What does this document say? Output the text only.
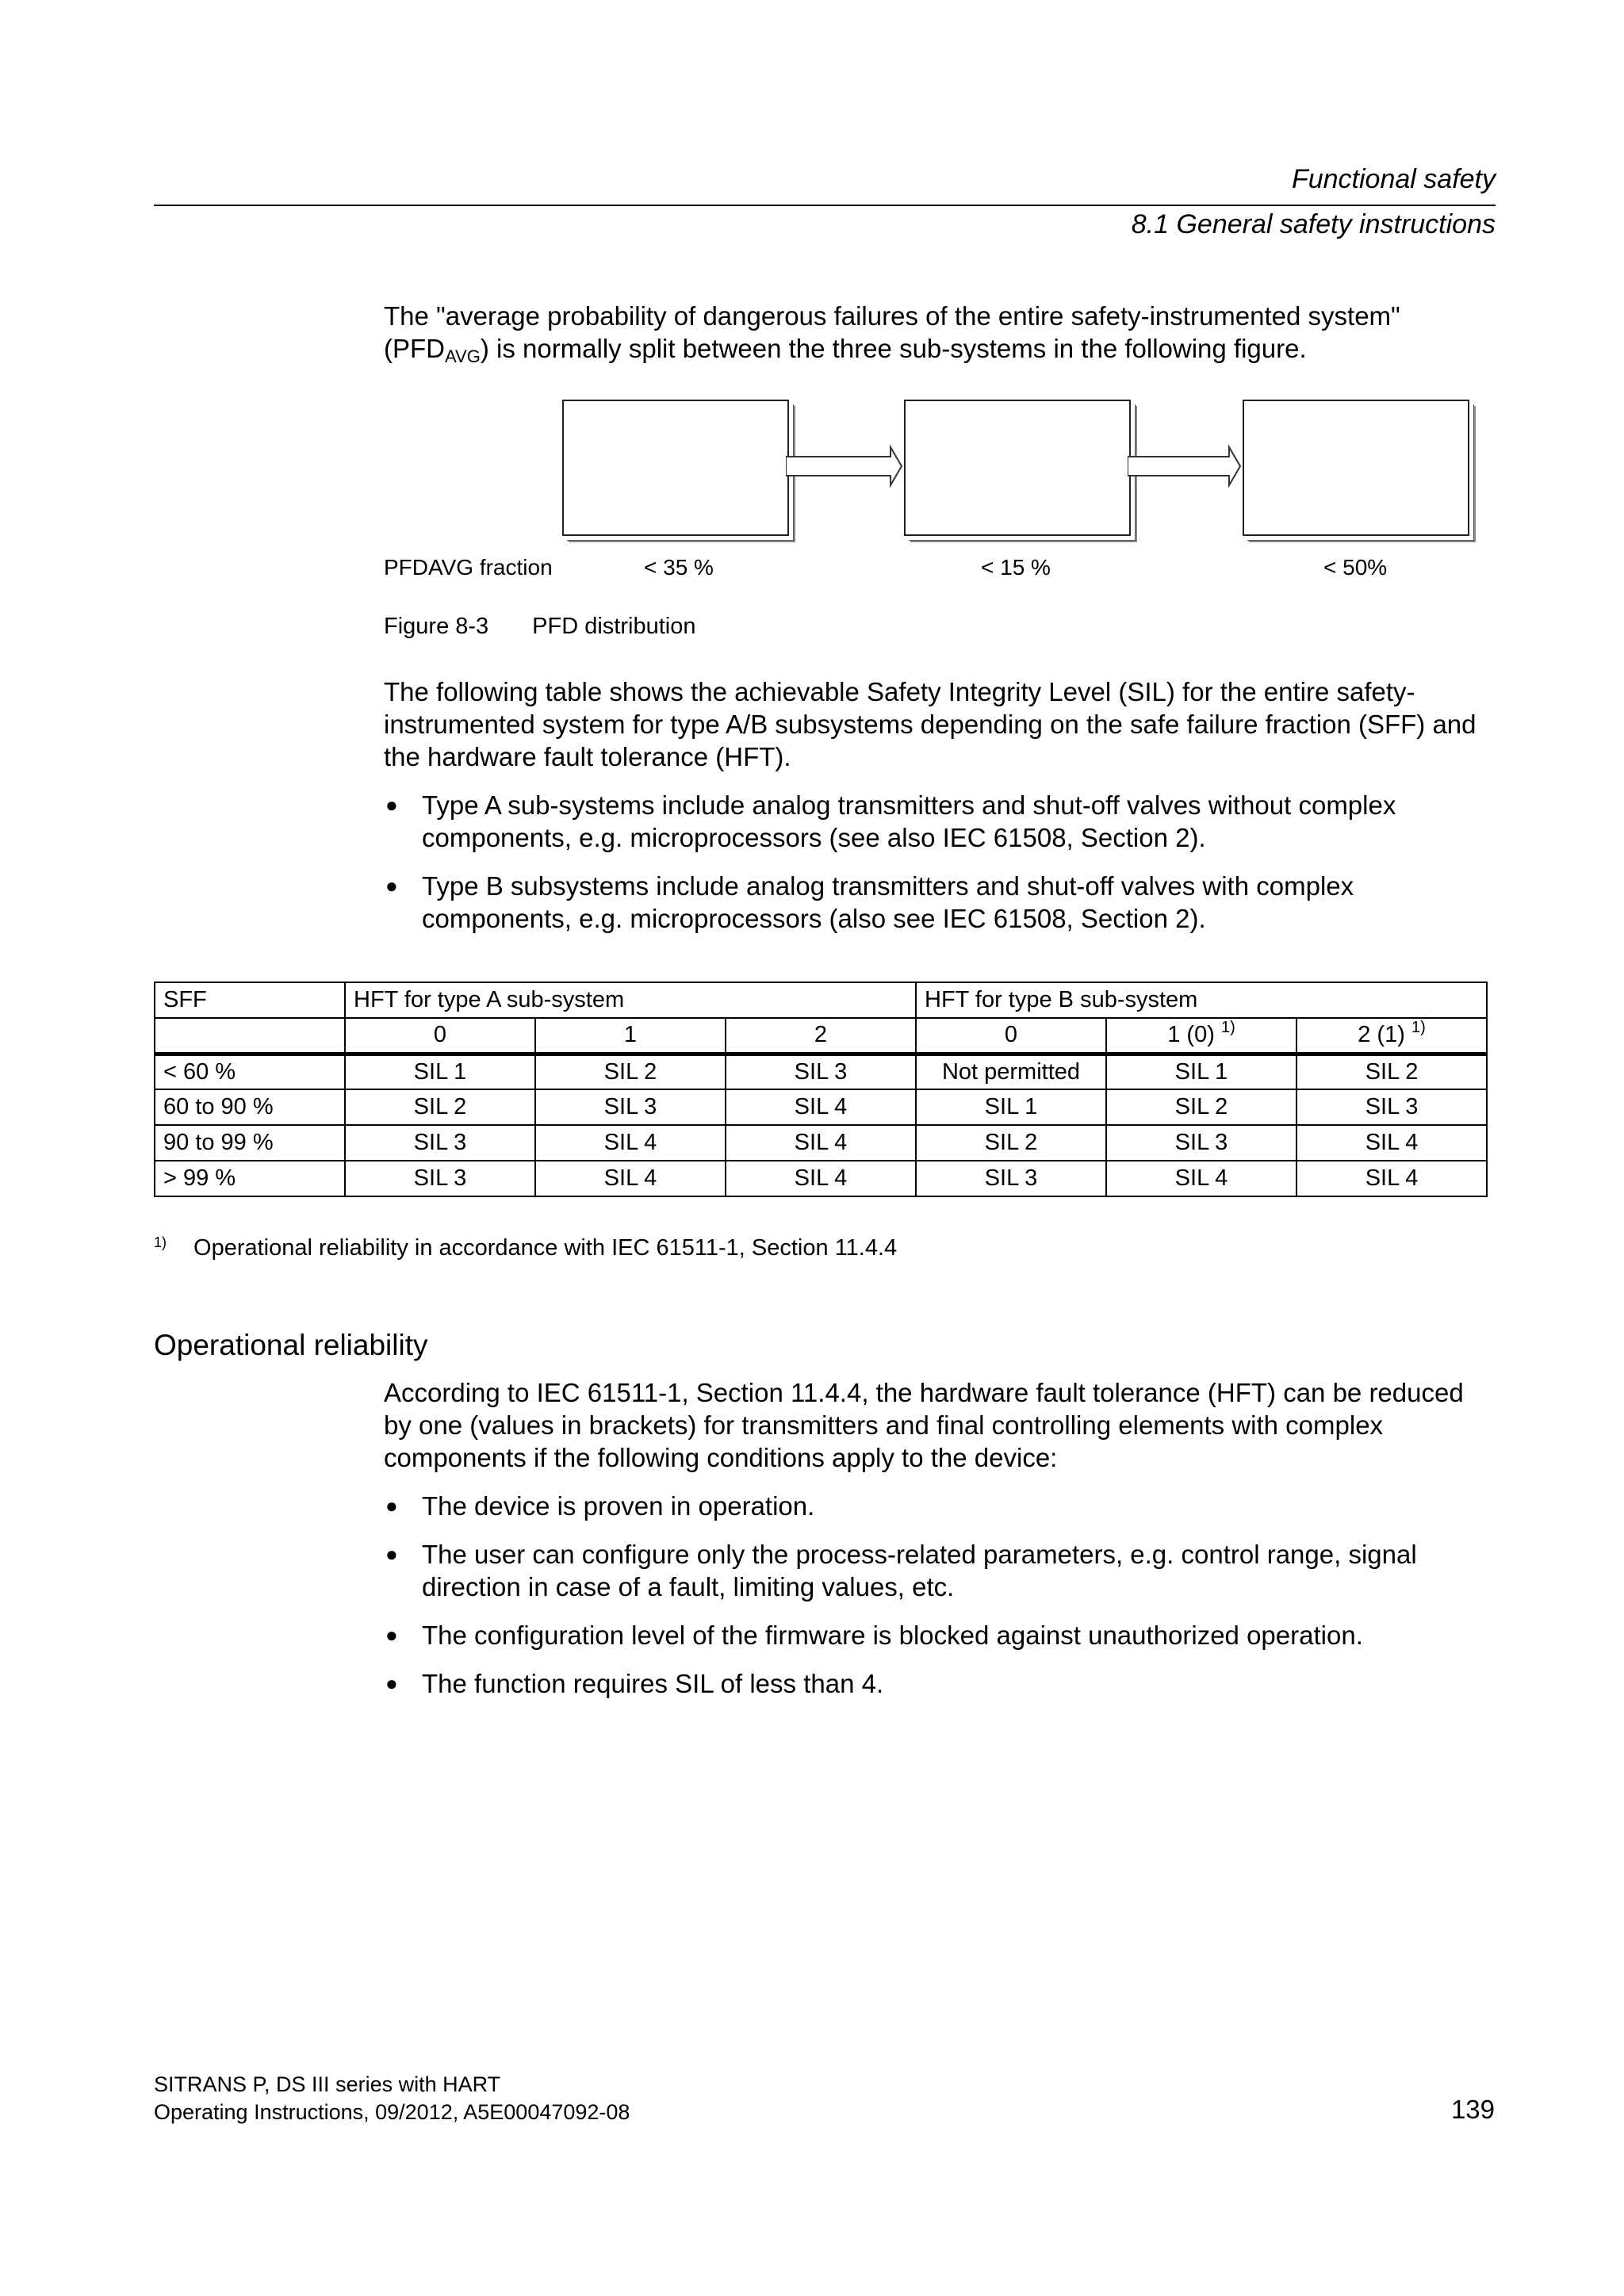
Functional safety
8.1 General safety instructions

The "average probability of dangerous failures of the entire safety-instrumented system" $(PFD_{AVG})$ is normally split between the three sub-systems in the following figure.

PFDAVG fraction	< 35 %	< 15 %	< 50%
Figure 8-3 PFD distribution

The following table shows the achievable Safety Integrity Level (SIL) for the entire safety-instrumented system for type A/B subsystems depending on the safe failure fraction (SFF) and the hardware fault tolerance (HFT).

● Type A sub-systems include analog transmitters and shut-off valves without complex components, e.g. microprocessors (see also IEC 61508, Section 2).
● Type B subsystems include analog transmitters and shut-off valves with complex components, e.g. microprocessors (also see IEC 61508, Section 2).
SFF	HFT for type A sub-system			HFT for type B sub-system		
	0	1	2	0	1 (0) $^{1)}$	2 (1) $^{1)}$
< 60 %	SIL 1	SIL 2	SIL 3	Not permitted	SIL 1	SIL 2
60 to 90 %	SIL 2	SIL 3	SIL 4	SIL 1	SIL 2	SIL 3
90 to 99 %	SIL 3	SIL 4	SIL 4	SIL 2	SIL 3	SIL 4
> 99 %	SIL 3	SIL 4	SIL 4	SIL 3	SIL 4	SIL 4
$^{1)}$ Operational reliability in accordance with IEC 61511-1, Section 11.4.4
Operational reliability

According to IEC 61511-1, Section 11.4.4, the hardware fault tolerance (HFT) can be reduced by one (values in brackets) for transmitters and final controlling elements with complex components if the following conditions apply to the device:

● The device is proven in operation.
● The user can configure only the process-related parameters, e.g. control range, signal direction in case of a fault, limiting values, etc.
● The configuration level of the firmware is blocked against unauthorized operation.
● The function requires SIL of less than 4.
SITRANS P, DS III series with HART
Operating Instructions, 09/2012, A5E00047092-08	139
